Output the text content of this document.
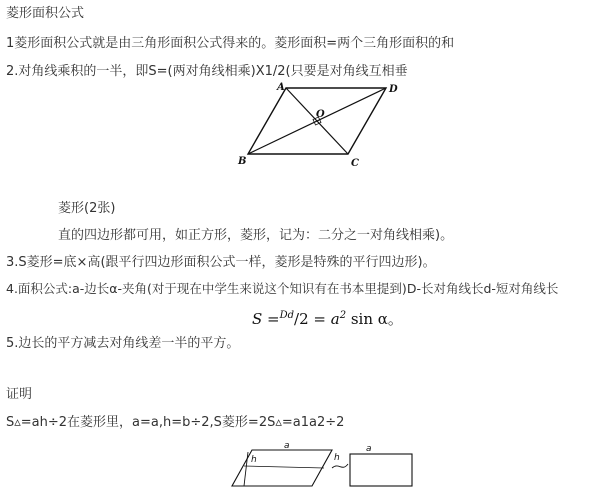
菱形面积公式
1菱形面积公式就是由三角形面积公式得来的。菱形面积=两个三角形面积的和
2.对角线乘积的一半，即S=(两对角线相乘)X1/2(只要是对角线互相垂
A	D
O
B	C
菱形(2张)
直的四边形都可用，如正方形，菱形，记为：二分之一对角线相乘)。
3.S菱形=底×高(跟平行四边形面积公式一样，菱形是特殊的平行四边形)。
4.面积公式:a-边长α-夹角(对于现在中学生来说这个知识有在书本里提到)D-长对角线长d-短对角线长
$S =^{Dd}/2 = a^2$ sin α。
5.边长的平方减去对角线差一半的平方。
证明
S▵=ah÷2在菱形里，a=a,h=b÷2,S菱形=2S▵=a1a2÷2
a
h	h
a
